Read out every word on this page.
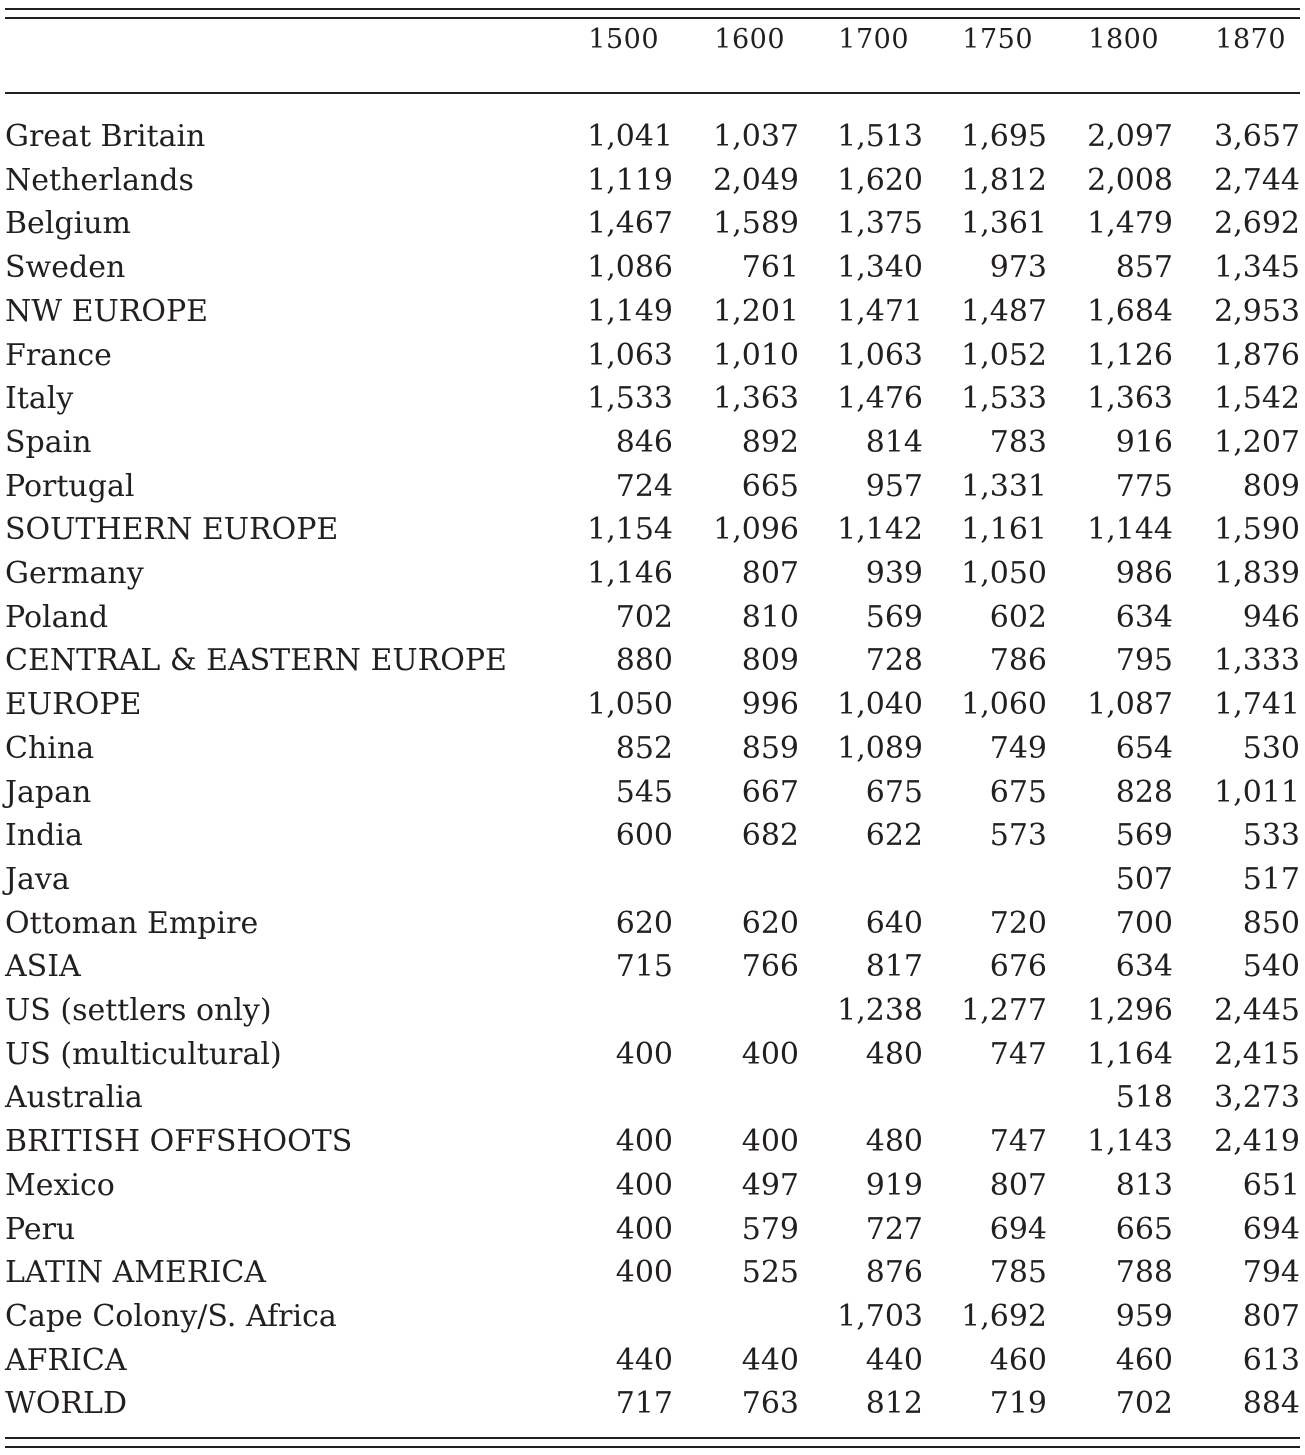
	1500	1600	1700	1750	1800	1870

Great Britain	1,041	1,037	1,513	1,695	2,097	3,657
Netherlands	1,119	2,049	1,620	1,812	2,008	2,744
Belgium	1,467	1,589	1,375	1,361	1,479	2,692
Sweden	1,086	761	1,340	973	857	1,345
NW EUROPE	1,149	1,201	1,471	1,487	1,684	2,953
France	1,063	1,010	1,063	1,052	1,126	1,876
Italy	1,533	1,363	1,476	1,533	1,363	1,542
Spain	846	892	814	783	916	1,207
Portugal	724	665	957	1,331	775	809
SOUTHERN EUROPE	1,154	1,096	1,142	1,161	1,144	1,590
Germany	1,146	807	939	1,050	986	1,839
Poland	702	810	569	602	634	946
CENTRAL & EASTERN EUROPE	880	809	728	786	795	1,333
EUROPE	1,050	996	1,040	1,060	1,087	1,741
China	852	859	1,089	749	654	530
Japan	545	667	675	675	828	1,011
India	600	682	622	573	569	533
Java					507	517
Ottoman Empire	620	620	640	720	700	850
ASIA	715	766	817	676	634	540
US (settlers only)			1,238	1,277	1,296	2,445
US (multicultural)	400	400	480	747	1,164	2,415
Australia					518	3,273
BRITISH OFFSHOOTS	400	400	480	747	1,143	2,419
Mexico	400	497	919	807	813	651
Peru	400	579	727	694	665	694
LATIN AMERICA	400	525	876	785	788	794
Cape Colony/S. Africa			1,703	1,692	959	807
AFRICA	440	440	440	460	460	613
WORLD	717	763	812	719	702	884
